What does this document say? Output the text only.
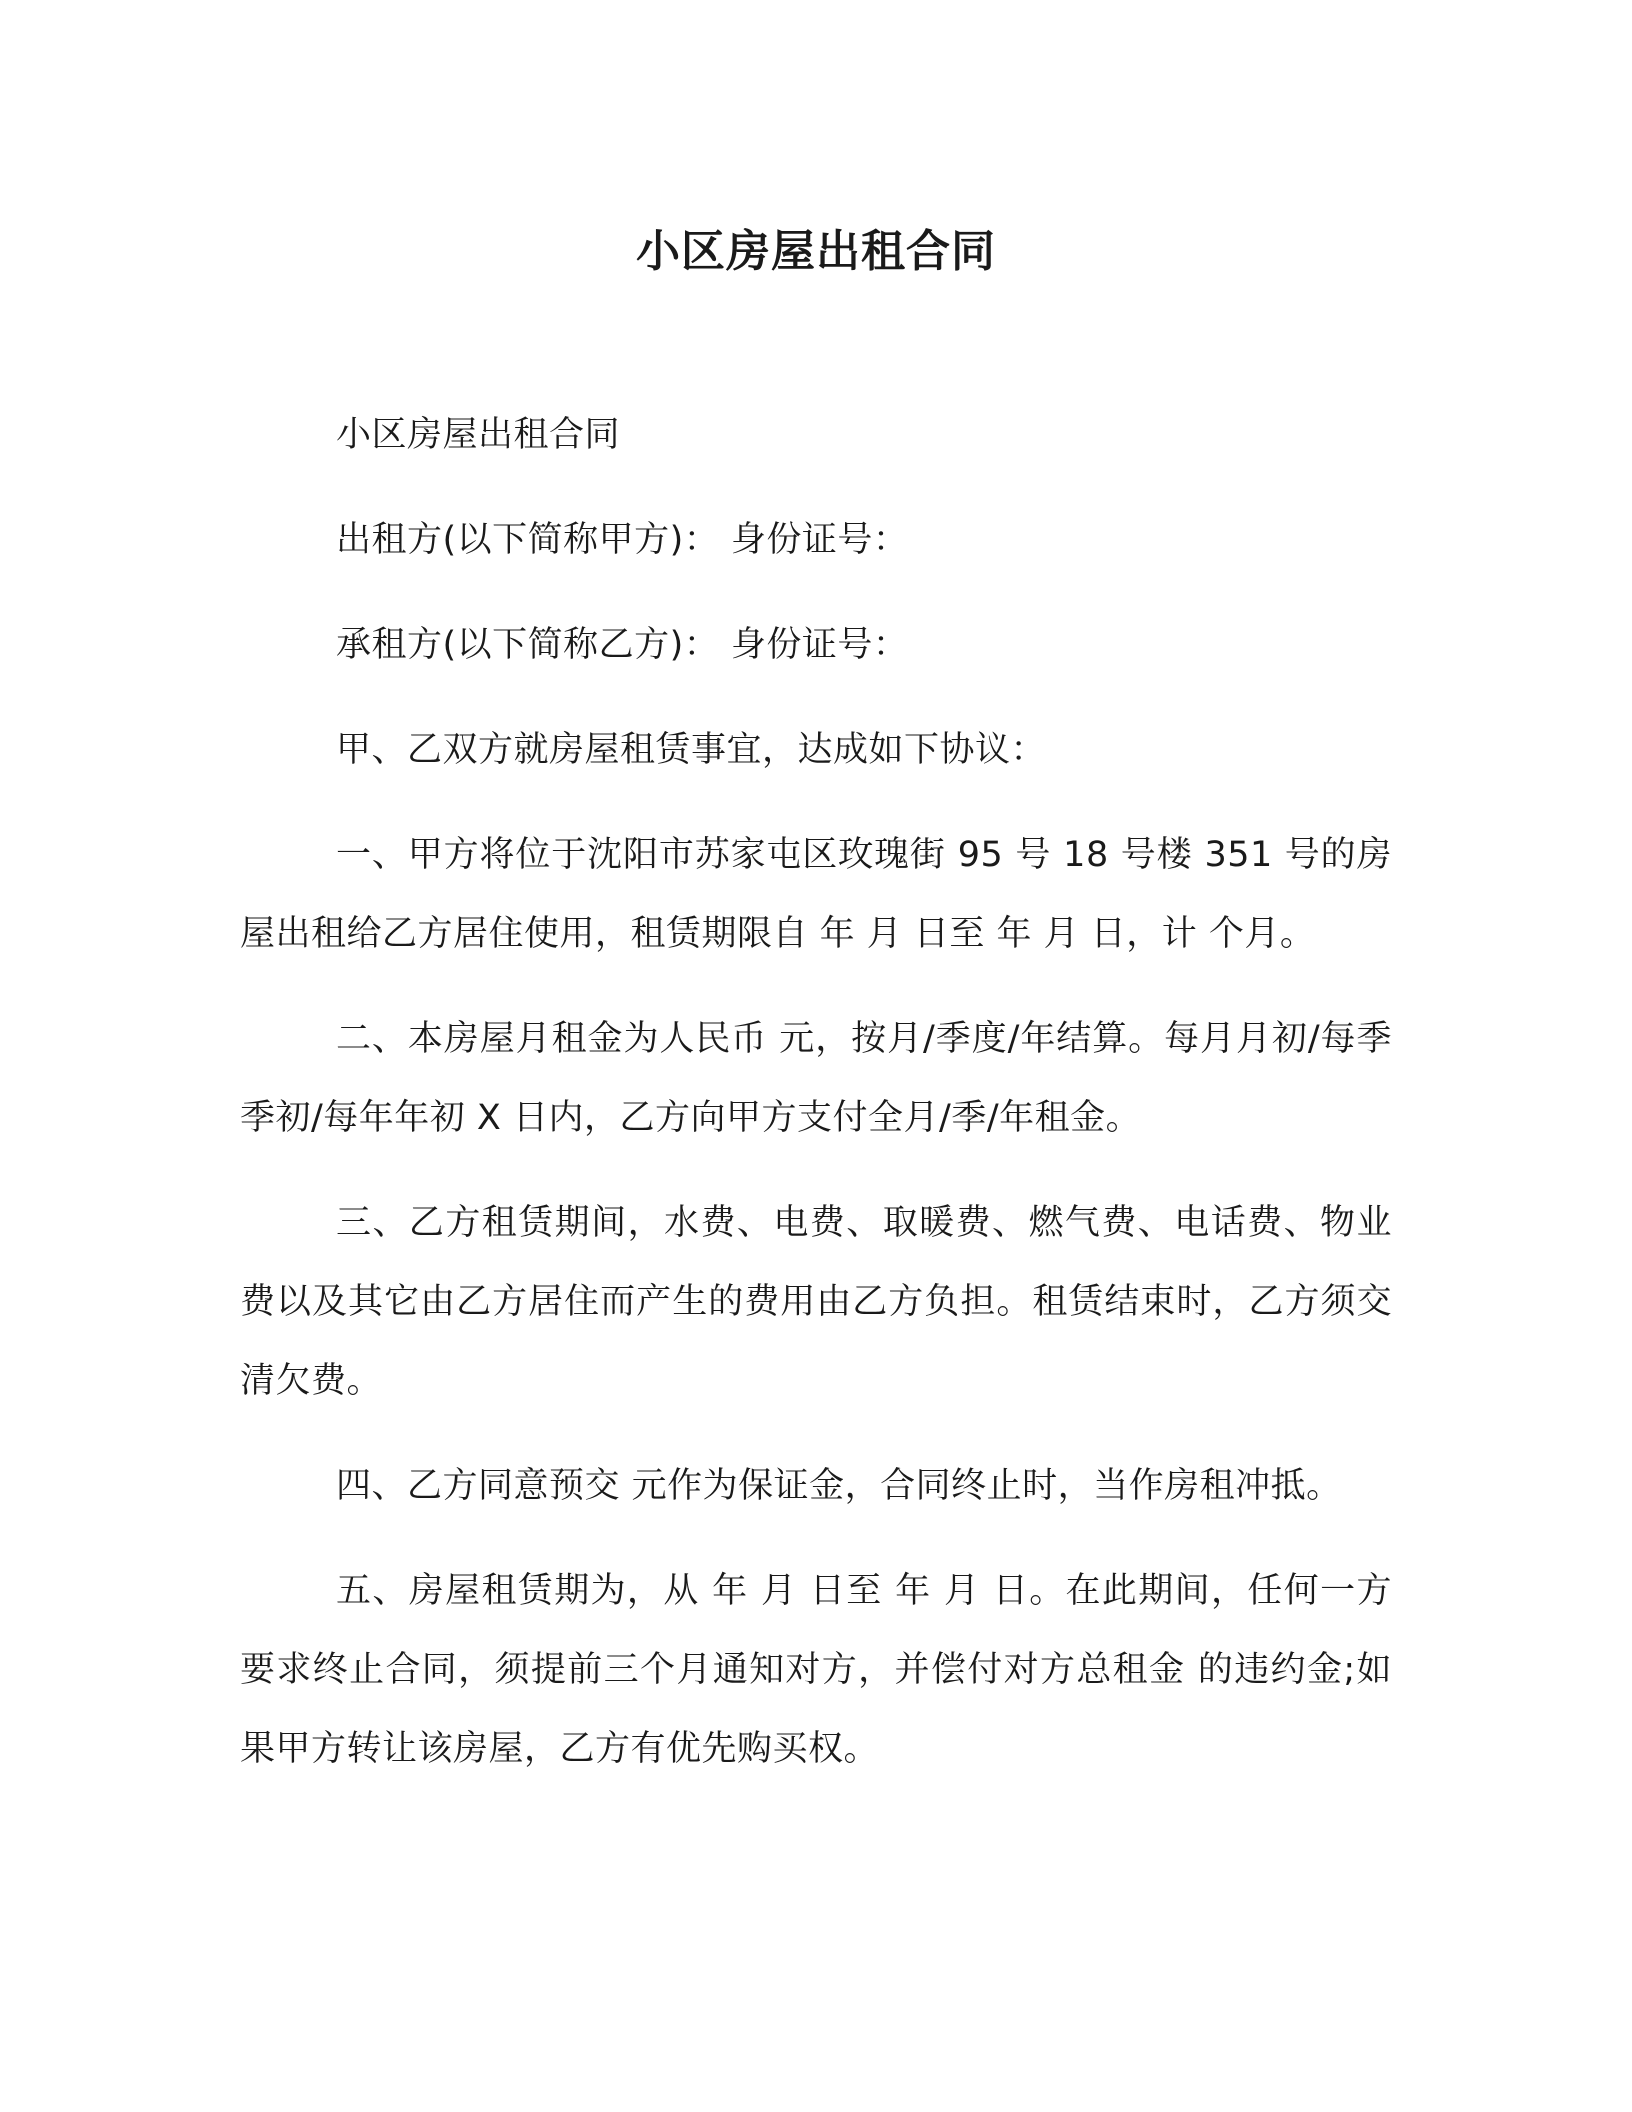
小区房屋出租合同

小区房屋出租合同

出租方(以下简称甲方)： 身份证号：

承租方(以下简称乙方)： 身份证号：

甲、乙双方就房屋租赁事宜，达成如下协议：

一、甲方将位于沈阳市苏家屯区玫瑰街 95 号 18 号楼 351 号的房屋出租给乙方居住使用，租赁期限自 年 月 日至 年 月 日，计 个月。

二、本房屋月租金为人民币 元，按月/季度/年结算。每月月初/每季季初/每年年初 X 日内，乙方向甲方支付全月/季/年租金。

三、乙方租赁期间，水费、电费、取暖费、燃气费、电话费、物业费以及其它由乙方居住而产生的费用由乙方负担。租赁结束时，乙方须交清欠费。

四、乙方同意预交 元作为保证金，合同终止时，当作房租冲抵。

五、房屋租赁期为，从 年 月 日至 年 月 日。在此期间，任何一方要求终止合同，须提前三个月通知对方，并偿付对方总租金 的违约金;如果甲方转让该房屋，乙方有优先购买权。
